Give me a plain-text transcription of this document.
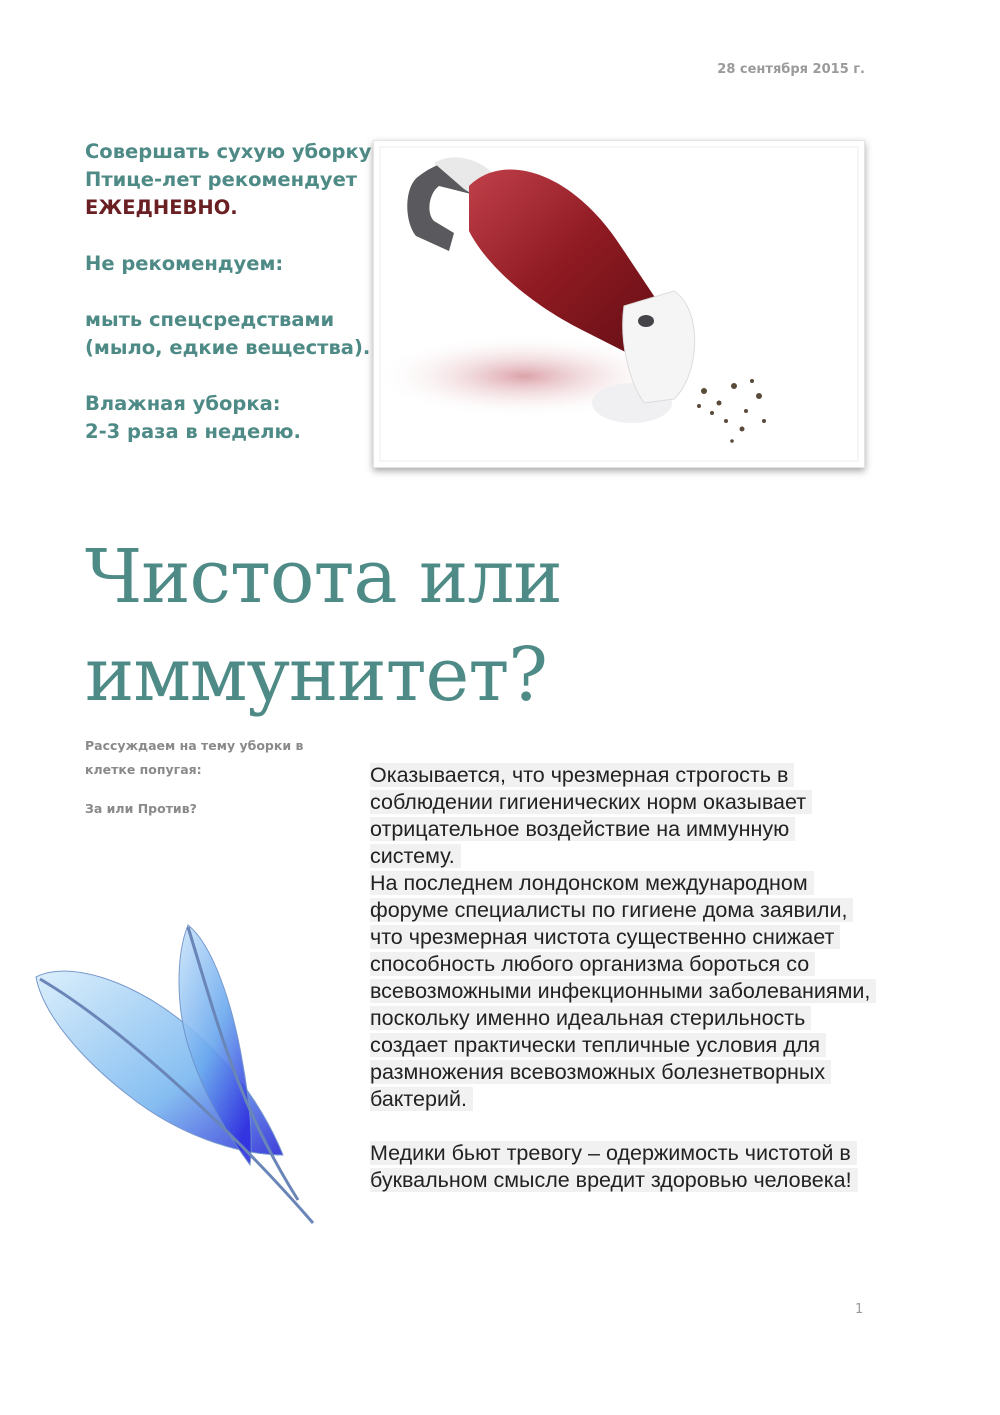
28 сентября 2015 г.

Совершать сухую уборку Птице-лет рекомендует ЕЖЕДНЕВНО.

Не рекомендуем:

мыть спецсредствами (мыло, едкие вещества).

Влажная уборка:
2-3 раза в неделю.

Чистота или
иммунитет?

Рассуждаем на тему уборки в клетке попугая:

За или Против?

Оказывается, что чрезмерная строгость в соблюдении гигиенических норм оказывает отрицательное воздействие на иммунную систему.

На последнем лондонском международном форуме специалисты по гигиене дома заявили, что чрезмерная чистота существенно снижает способность любого организма бороться со всевозможными инфекционными заболеваниями, поскольку именно идеальная стерильность создает практически тепличные условия для размножения всевозможных болезнетворных бактерий.

Медики бьют тревогу – одержимость чистотой в буквальном смысле вредит здоровью человека!

1
